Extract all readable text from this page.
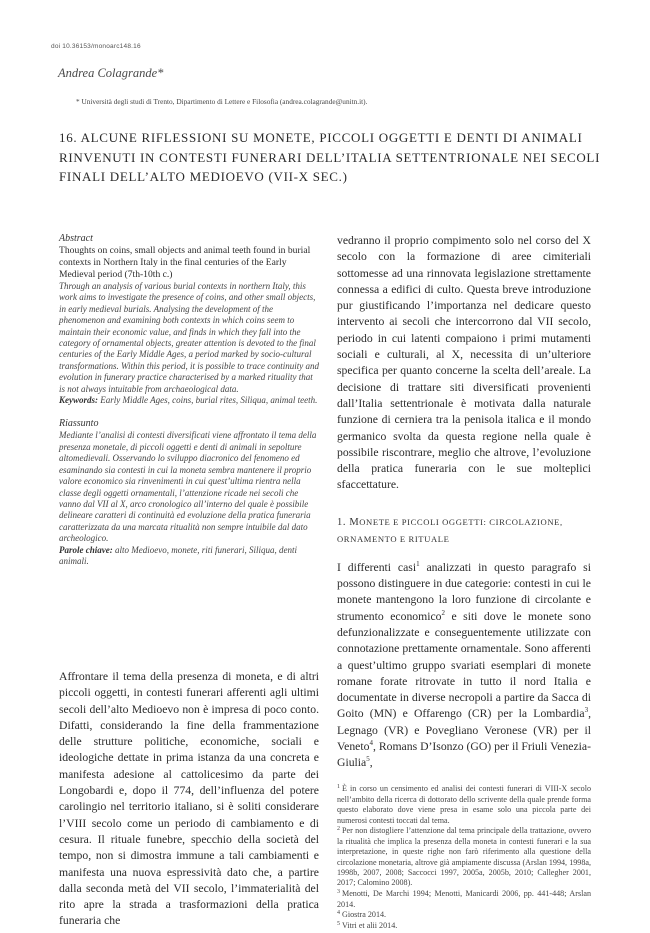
doi 10.36153/monoarc148.16
Andrea Colagrande*
* Università degli studi di Trento, Dipartimento di Lettere e Filosofia (andrea.colagrande@unitn.it).
16. ALCUNE RIFLESSIONI SU MONETE, PICCOLI OGGETTI E DENTI DI ANIMALI RINVENUTI IN CONTESTI FUNERARI DELL’ITALIA SETTENTRIONALE NEI SECOLI FINALI DELL’ALTO MEDIOEVO (VII-X SEC.)

Abstract

Thoughts on coins, small objects and animal teeth found in burial contexts in Northern Italy in the final centuries of the Early Medieval period (7th-10th c.)

Through an analysis of various burial contexts in northern Italy, this work aims to investigate the presence of coins, and other small objects, in early medieval burials. Analysing the development of the phenomenon and examining both contexts in which coins seem to maintain their economic value, and finds in which they fall into the category of ornamental objects, greater attention is devoted to the final centuries of the Early Middle Ages, a period marked by socio-cultural transformations. Within this period, it is possible to trace continuity and evolution in funerary practice characterised by a marked rituality that is not always intuitable from archaeological data.

Keywords: Early Middle Ages, coins, burial rites, Siliqua, animal teeth.

Riassunto

Mediante l’analisi di contesti diversificati viene affrontato il tema della presenza monetale, di piccoli oggetti e denti di animali in sepolture altomedievali. Osservando lo sviluppo diacronico del fenomeno ed esaminando sia contesti in cui la moneta sembra mantenere il proprio valore economico sia rinvenimenti in cui quest’ultima rientra nella classe degli oggetti ornamentali, l’attenzione ricade nei secoli che vanno dal VII al X, arco cronologico all’interno del quale è possibile delineare caratteri di continuità ed evoluzione della pratica funeraria caratterizzata da una marcata ritualità non sempre intuibile dal dato archeologico.

Parole chiave: alto Medioevo, monete, riti funerari, Siliqua, denti animali.

Affrontare il tema della presenza di moneta, e di altri piccoli oggetti, in contesti funerari afferenti agli ultimi secoli dell’alto Medioevo non è impresa di poco conto. Difatti, considerando la fine della frammentazione delle strutture politiche, economiche, sociali e ideologiche dettate in prima istanza da una concreta e manifesta adesione al cattolicesimo da parte dei Longobardi e, dopo il 774, dell’influenza del potere carolingio nel territorio italiano, si è soliti considerare l’VIII secolo come un periodo di cambiamento e di cesura. Il rituale funebre, specchio della società del tempo, non si dimostra immune a tali cambiamenti e manifesta una nuova espressività dato che, a partire dalla seconda metà del VII secolo, l’immaterialità del rito apre la strada a trasformazioni della pratica funeraria che

vedranno il proprio compimento solo nel corso del X secolo con la formazione di aree cimiteriali sottomesse ad una rinnovata legislazione strettamente connessa a edifici di culto. Questa breve introduzione pur giustificando l’importanza nel dedicare questo intervento ai secoli che intercorrono dal VII secolo, periodo in cui latenti compaiono i primi mutamenti sociali e culturali, al X, necessita di un’ulteriore specifica per quanto concerne la scelta dell’areale. La decisione di trattare siti diversificati provenienti dall’Italia settentrionale è motivata dalla naturale funzione di cerniera tra la penisola italica e il mondo germanico svolta da questa regione nella quale è possibile riscontrare, meglio che altrove, l’evoluzione della pratica funeraria con le sue molteplici sfaccettature.

1. MONETE E PICCOLI OGGETTI: CIRCOLAZIONE, ORNAMENTO E RITUALE

I differenti casi$^1$ analizzati in questo paragrafo si possono distinguere in due categorie: contesti in cui le monete mantengono la loro funzione di circolante e strumento economico$^2$ e siti dove le monete sono defunzionalizzate e conseguentemente utilizzate con connotazione prettamente ornamentale. Sono afferenti a quest’ultimo gruppo svariati esemplari di monete romane forate ritrovate in tutto il nord Italia e documentate in diverse necropoli a partire da Sacca di Goito (MN) e Offarengo (CR) per la Lombardia$^3$, Legnago (VR) e Povegliano Veronese (VR) per il Veneto$^4$, Romans D’Isonzo (GO) per il Friuli Venezia-Giulia$^5$,

$^1$ È in corso un censimento ed analisi dei contesti funerari di VIII-X secolo nell’ambito della ricerca di dottorato dello scrivente della quale prende forma questo elaborato dove viene presa in esame solo una piccola parte dei numerosi contesti toccati dal tema.

$^2$ Per non distogliere l’attenzione dal tema principale della trattazione, ovvero la ritualità che implica la presenza della moneta in contesti funerari e la sua interpretazione, in queste righe non farò riferimento alla questione della circolazione monetaria, altrove già ampiamente discussa (Arslan 1994, 1998a, 1998b, 2007, 2008; Saccocci 1997, 2005a, 2005b, 2010; Callegher 2001, 2017; Calomino 2008).

$^3$ Menotti, De Marchi 1994; Menotti, Manicardi 2006, pp. 441-448; Arslan 2014.

$^4$ Giostra 2014.

$^5$ Vitri et alii 2014.
